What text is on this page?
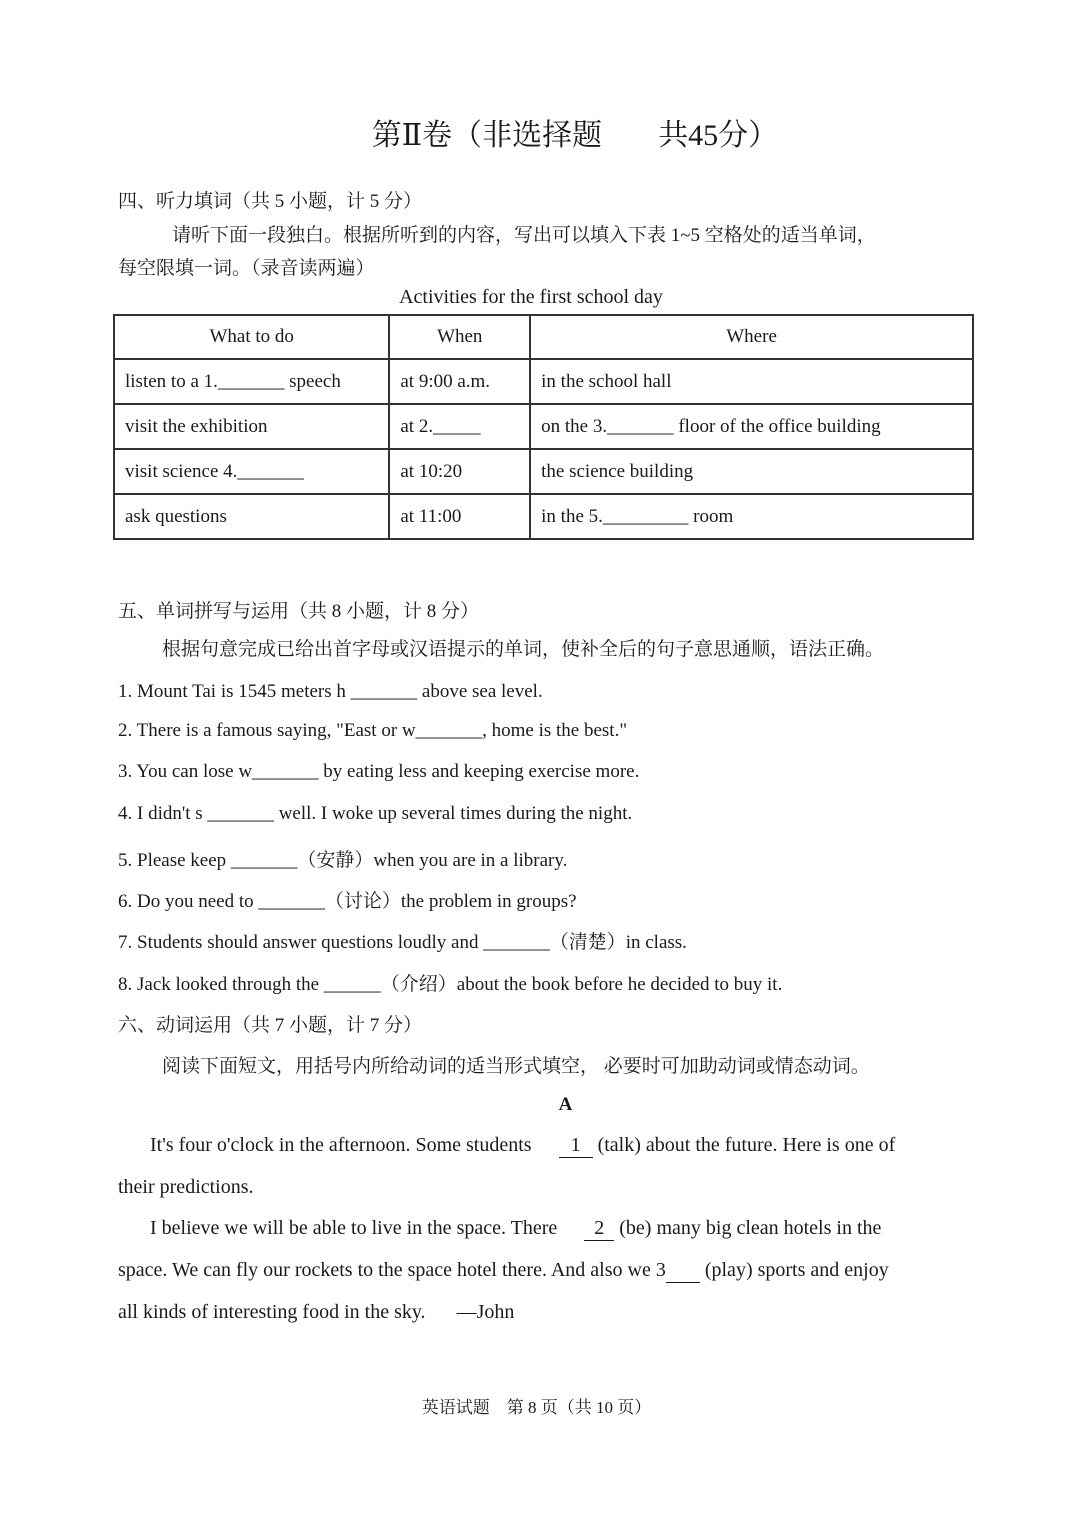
第Ⅱ卷（非选择题 共45分）
四、听力填词（共 5 小题，计 5 分）
请听下面一段独白。根据所听到的内容，写出可以填入下表 1~5 空格处的适当单词，
每空限填一词。（录音读两遍）
Activities for the first school day
What to do	When	Where
listen to a 1._______ speech	at 9:00 a.m.	in the school hall
visit the exhibition	at 2._____	on the 3._______ floor of the office building
visit science 4._______	at 10:20	the science building
ask questions	at 11:00	in the 5._________ room
五、单词拼写与运用（共 8 小题，计 8 分）
根据句意完成已给出首字母或汉语提示的单词，使补全后的句子意思通顺，语法正确。
1. Mount Tai is 1545 meters h _______ above sea level.
2. There is a famous saying, "East or w_______, home is the best."
3. You can lose w_______ by eating less and keeping exercise more.
4. I didn't s _______ well. I woke up several times during the night.
5. Please keep _______（安静）when you are in a library.
6. Do you need to _______（讨论）the problem in groups?
7. Students should answer questions loudly and _______（清楚）in class.
8. Jack looked through the ______（介绍）about the book before he decided to buy it.
六、动词运用（共 7 小题，计 7 分）
阅读下面短文，用括号内所给动词的适当形式填空， 必要时可加助动词或情态动词。
A
It's four o'clock in the afternoon. Some students 1 (talk) about the future. Here is one of
their predictions.
I believe we will be able to live in the space. There 2 (be) many big clean hotels in the
space. We can fly our rockets to the space hotel there. And also we 3 (play) sports and enjoy
all kinds of interesting food in the sky. —John
英语试题　第 8 页（共 10 页）
